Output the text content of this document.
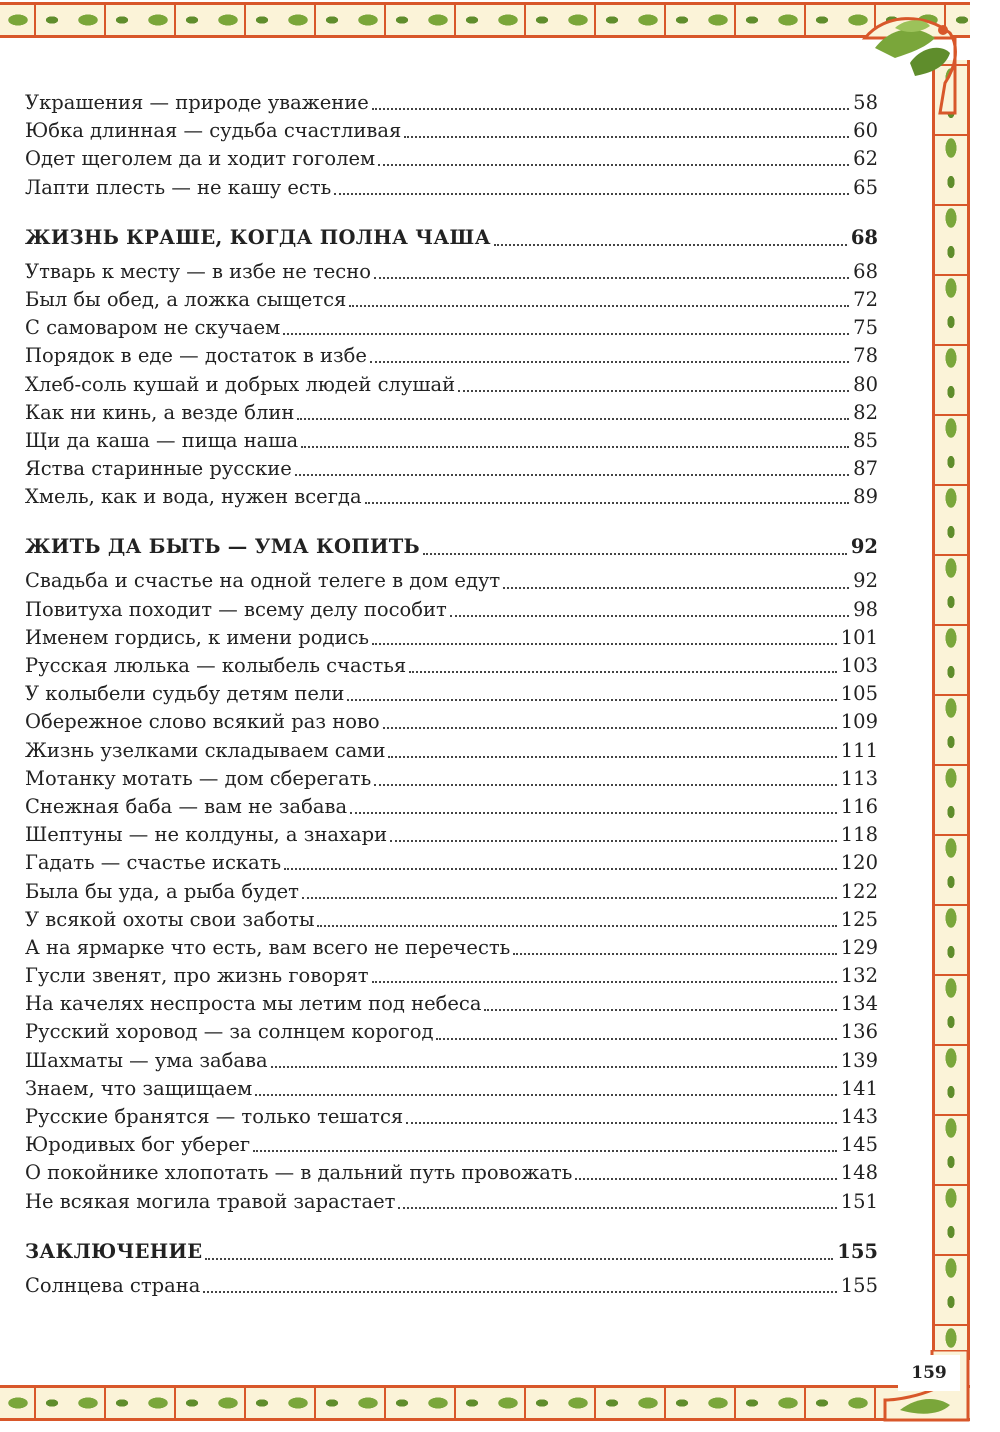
159
Украшения — природе уважение	58
Юбка длинная — судьба счастливая	60
Одет щеголем да и ходит гоголем	62
Лапти плесть — не кашу есть	65
ЖИЗНЬ КРАШЕ, КОГДА ПОЛНА ЧАША	68
Утварь к месту — в избе не тесно	68
Был бы обед, а ложка сыщется	72
С самоваром не скучаем	75
Порядок в еде — достаток в избе	78
Хлеб-соль кушай и добрых людей слушай	80
Как ни кинь, а везде блин	82
Щи да каша — пища наша	85
Яства старинные русские	87
Хмель, как и вода, нужен всегда	89
ЖИТЬ ДА БЫТЬ — УМА КОПИТЬ	92
Свадьба и счастье на одной телеге в дом едут	92
Повитуха походит — всему делу пособит	98
Именем гордись, к имени родись	101
Русская люлька — колыбель счастья	103
У колыбели судьбу детям пели	105
Обережное слово всякий раз ново	109
Жизнь узелками складываем сами	111
Мотанку мотать — дом сберегать	113
Снежная баба — вам не забава	116
Шептуны — не колдуны, а знахари	118
Гадать — счастье искать	120
Была бы уда, а рыба будет	122
У всякой охоты свои заботы	125
А на ярмарке что есть, вам всего не перечесть	129
Гусли звенят, про жизнь говорят	132
На качелях неспроста мы летим под небеса	134
Русский хоровод — за солнцем корогод	136
Шахматы — ума забава	139
Знаем, что защищаем	141
Русские бранятся — только тешатся	143
Юродивых бог уберег	145
О покойнике хлопотать — в дальний путь провожать	148
Не всякая могила травой зарастает	151
ЗАКЛЮЧЕНИЕ	155
Солнцева страна	155
